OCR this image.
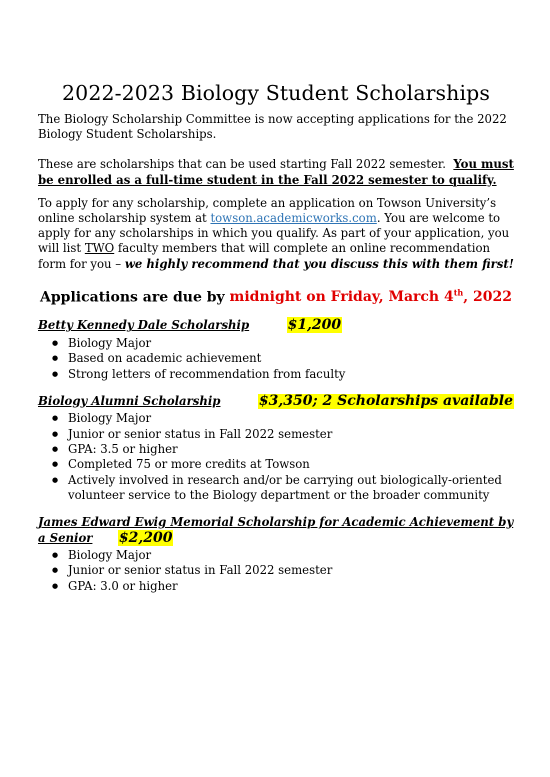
2022-2023 Biology Student Scholarships

The Biology Scholarship Committee is now accepting applications for the 2022 Biology Student Scholarships.

These are scholarships that can be used starting Fall 2022 semester. You must be enrolled as a full-time student in the Fall 2022 semester to qualify.

To apply for any scholarship, complete an application on Towson University’s online scholarship system at towson.academicworks.com. You are welcome to apply for any scholarships in which you qualify. As part of your application, you will list TWO faculty members that will complete an online recommendation form for you – we highly recommend that you discuss this with them first!

Applications are due by midnight on Friday, March 4th, 2022
Betty Kennedy Dale Scholarship	$1,200
● Biology Major
● Based on academic achievement
● Strong letters of recommendation from faculty
Biology Alumni Scholarship	$3,350; 2 Scholarships available
● Biology Major
● Junior or senior status in Fall 2022 semester
● GPA: 3.5 or higher
● Completed 75 or more credits at Towson
● Actively involved in research and/or be carrying out biologically-oriented volunteer service to the Biology department or the broader community
James Edward Ewig Memorial Scholarship for Academic Achievement by a Senior $2,200
● Biology Major
● Junior or senior status in Fall 2022 semester
● GPA: 3.0 or higher
